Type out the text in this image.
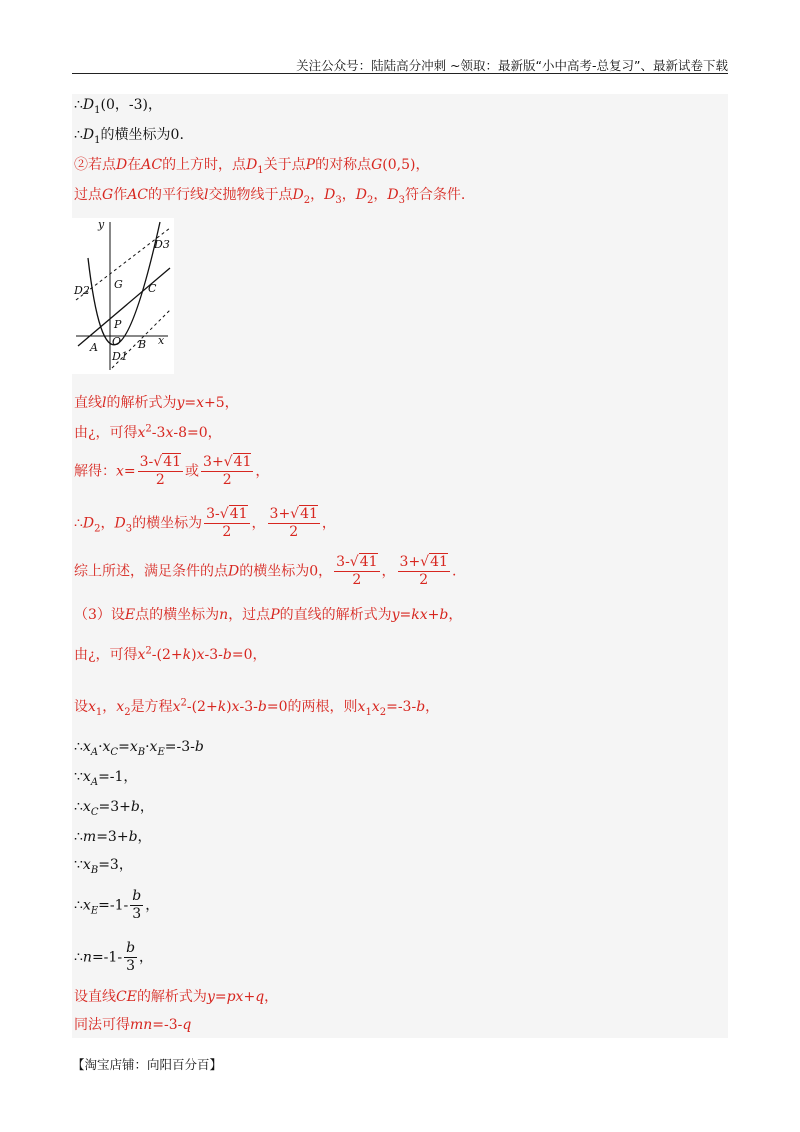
关注公众号：陆陆高分冲刺 ~领取：最新版“小中高考-总复习”、最新试卷下载
$\therefore D_1(0$，-3)，
$\therefore D_1$的横坐标为0.
②若点D在AC的上方时，点$D_1$关于点P的对称点G(0,5)，
过点G作AC的平行线l交抛物线于点$D_2$，$D_3$，$D_2$，$D_3$符合条件.
直线l的解析式为y=x+5，
由¿，可得$x^2-3x-8=0$，
解得：$x= \frac{3-√41}{2}$ 或 $\frac{3+√41}{2}$ ，
$\therefore D_2$，$D_3$的横坐标为 $\frac{3-√41}{2}$ ， $\frac{3+√41}{2}$ ，
综上所述，满足条件的点D的横坐标为0， $\frac{3-√41}{2}$ ， $\frac{3+√41}{2}$ .
（3）设E点的横坐标为n，过点P的直线的解析式为y=kx+b，
由¿，可得$x^2-(2+k)x-3-b=0$，
设$x_1$，$x_2$是方程$x^2-(2+k)x-3-b=0$的两根，则$x_1x_2=-3-b$，
$\therefore x_A\cdot x_C=x_B\cdot x_E=-3-b$
$\because x_A=-1$，
$\therefore x_C=3+b$，
∴m=3+b，
$\because x_B=3$，
$\therefore x_E=-1- \frac{b}{3}$ ，
∴n=-1- $\frac{b}{3}$ ，
设直线CE的解析式为y=px+q，
同法可得mn=-3-q
y
x
D3
D2 G C
P
A O B
D1
【淘宝店铺：向阳百分百】
